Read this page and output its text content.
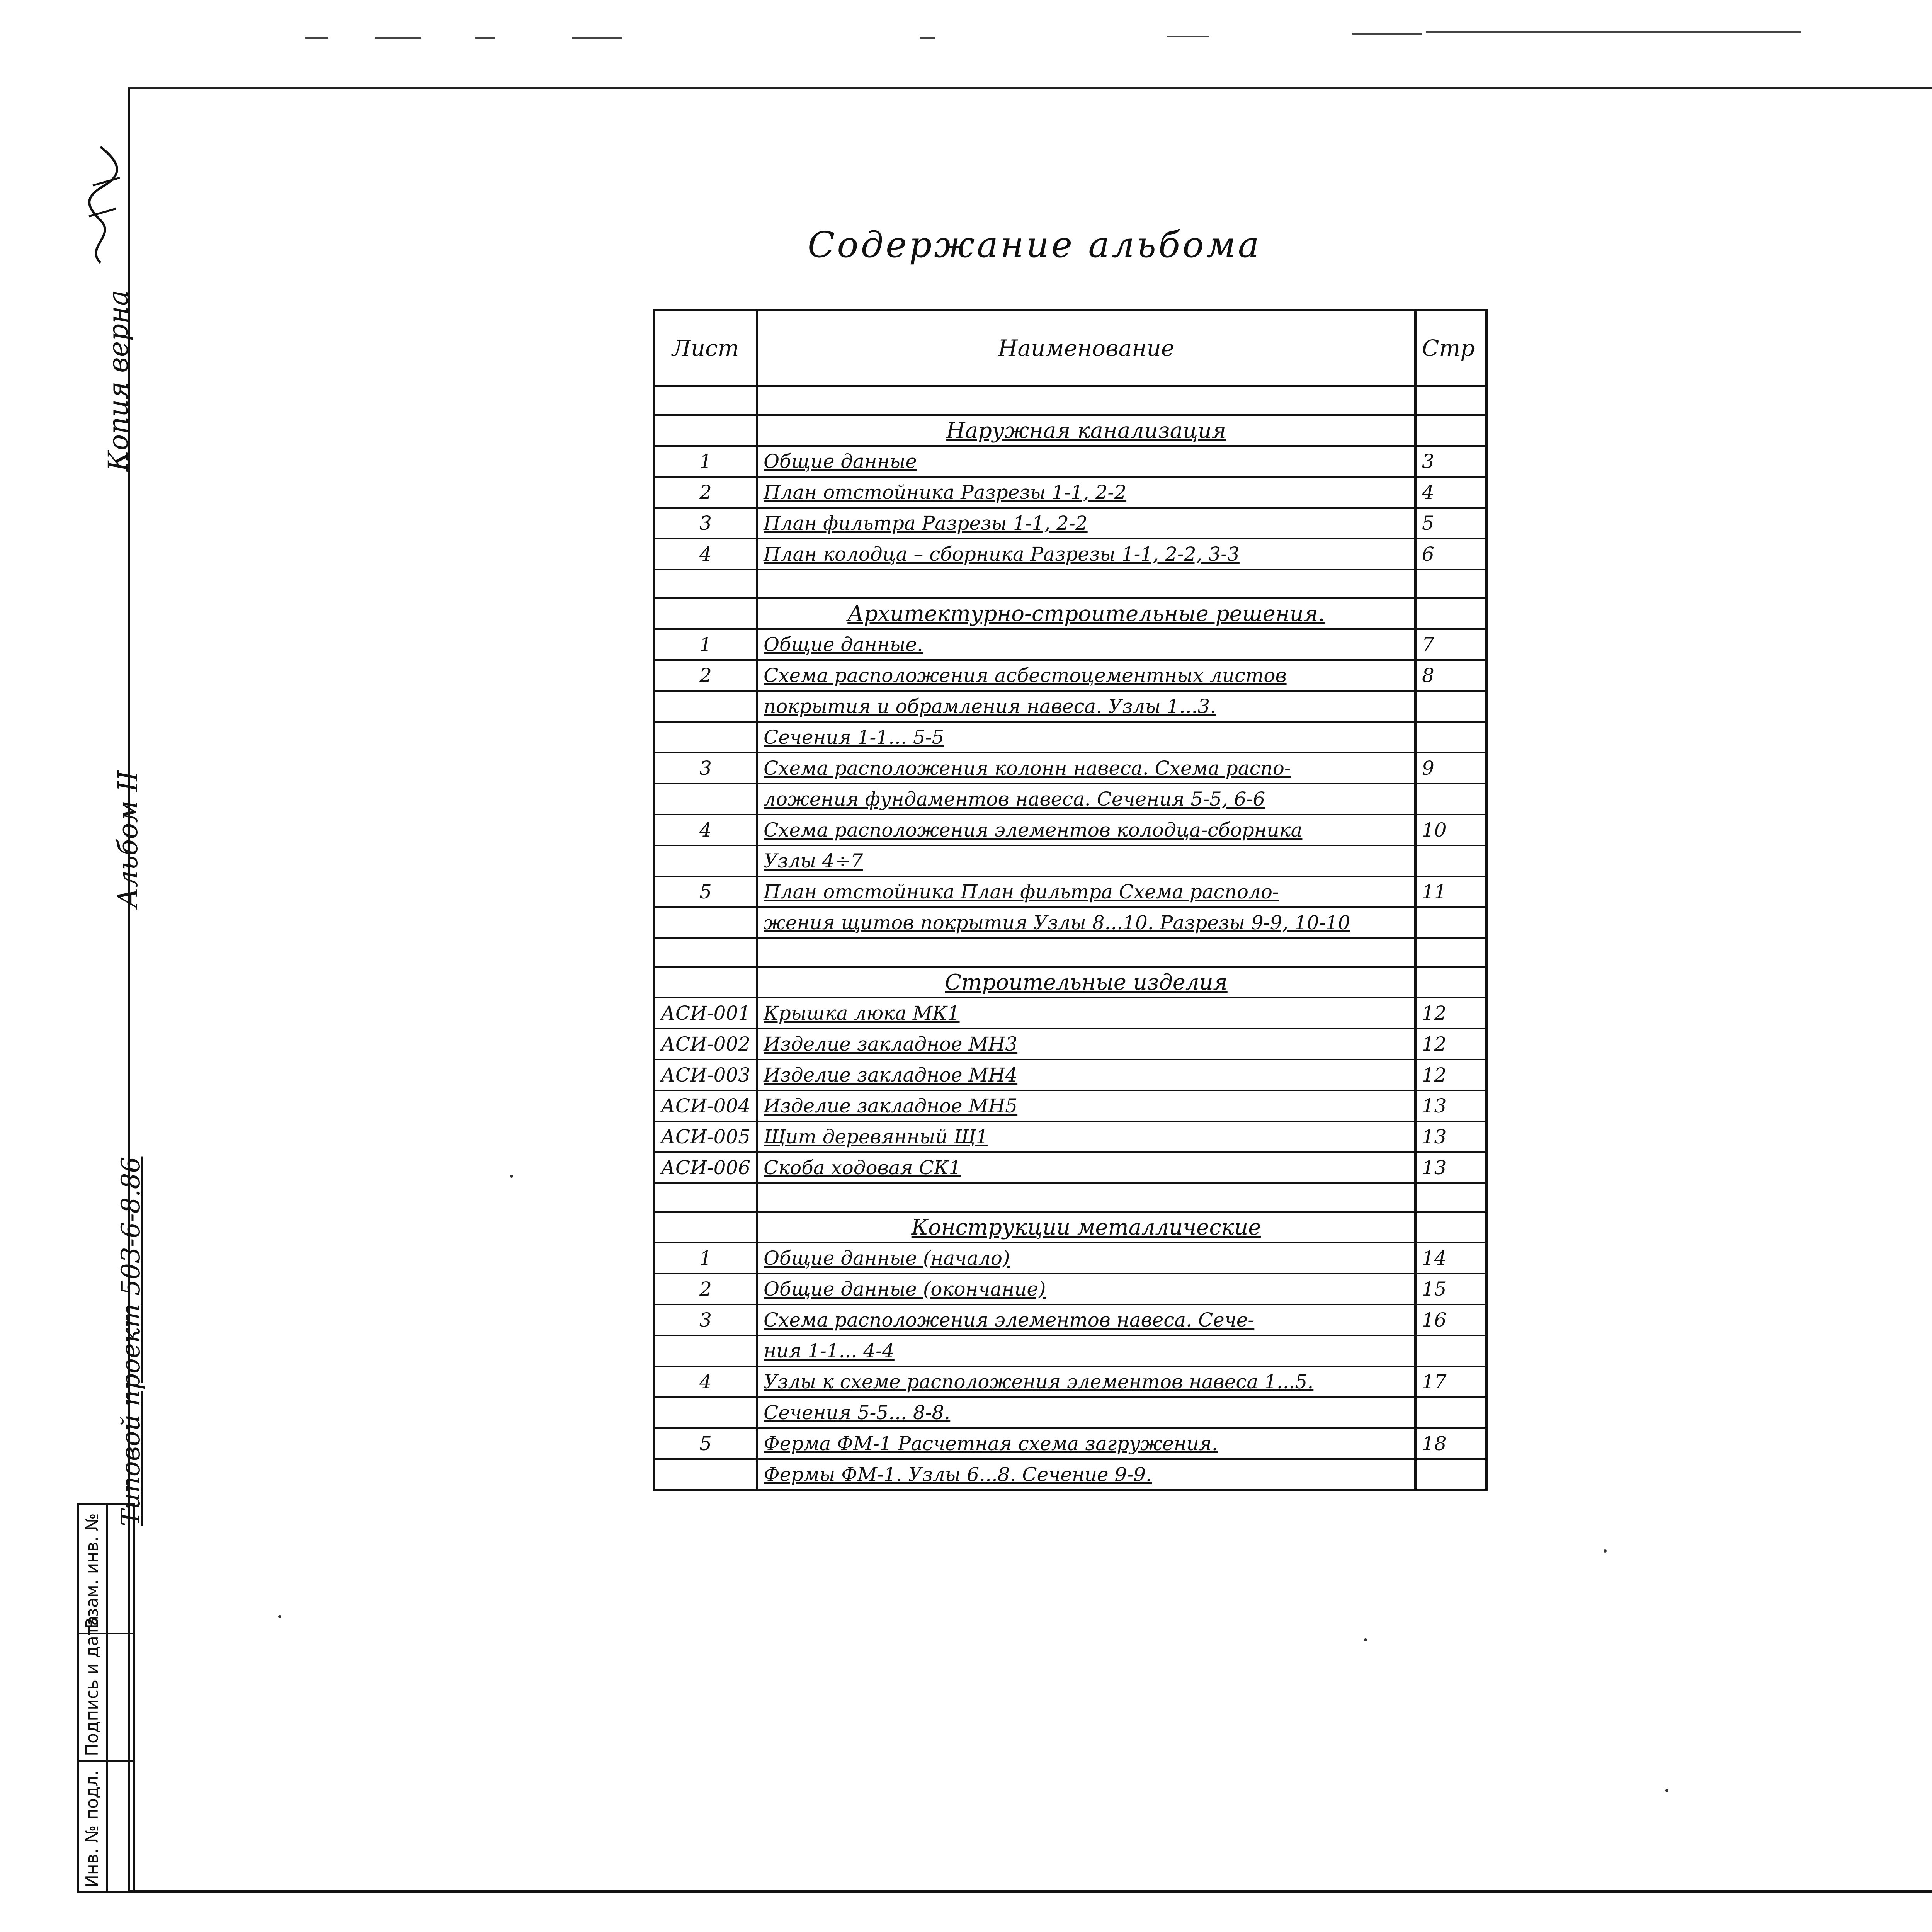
Копия верна
Альбом II
Типовой проект 503-6-8.86
Взам. инв. №
Подпись и дата
Инв. № подл.
Содержание альбома
Лист	Наименование	Стр

	Наружная канализация	
1	Общие данные	3
2	План отстойника Разрезы 1-1, 2-2	4
3	План фильтра Разрезы 1-1, 2-2	5
4	План колодца – сборника Разрезы 1-1, 2-2, 3-3	6

	Архитектурно-строительные решения.	
1	Общие данные.	7
2	Схема расположения асбестоцементных листов	8
	покрытия и обрамления навеса. Узлы 1...3.	
	Сечения 1-1... 5-5	
3	Схема расположения колонн навеса. Схема распо-	9
	ложения фундаментов навеса. Сечения 5-5, 6-6	
4	Схема расположения элементов колодца-сборника	10
	Узлы 4÷7	
5	План отстойника План фильтра Схема располо-	11
	жения щитов покрытия Узлы 8...10. Разрезы 9-9, 10-10	

	Строительные изделия	
АСИ-001	Крышка люка МК1	12
АСИ-002	Изделие закладное МН3	12
АСИ-003	Изделие закладное МН4	12
АСИ-004	Изделие закладное МН5	13
АСИ-005	Щит деревянный Щ1	13
АСИ-006	Скоба ходовая СК1	13

	Конструкции металлические	
1	Общие данные (начало)	14
2	Общие данные (окончание)	15
3	Схема расположения элементов навеса. Сече-	16
	ния 1-1... 4-4	
4	Узлы к схеме расположения элементов навеса 1...5.	17
	Сечения 5-5... 8-8.	
5	Ферма ФМ-1 Расчетная схема загружения.	18
	Фермы ФМ-1. Узлы 6...8. Сечение 9-9.	
